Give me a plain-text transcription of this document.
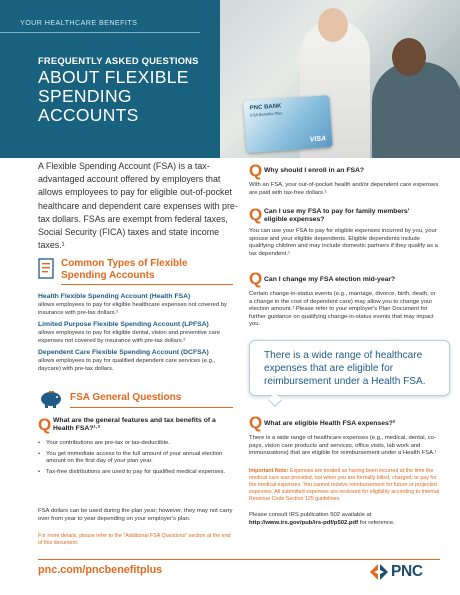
PNC BANK
FSA Benefits Plus
VISA
YOUR HEALTHCARE BENEFITS
FREQUENTLY ASKED QUESTIONS
ABOUT FLEXIBLE SPENDING ACCOUNTS
A Flexible Spending Account (FSA) is a tax-advantaged account offered by employers that allows employees to pay for eligible out-of-pocket healthcare and dependent care expenses with pre-tax dollars. FSAs are exempt from federal taxes, Social Security (FICA) taxes and state income taxes.¹
Common Types of Flexible Spending Accounts
Health Flexible Spending Account (Health FSA)
allows employees to pay for eligible healthcare expenses not covered by insurance with pre-tax dollars.²
Limited Purpose Flexible Spending Account (LPFSA)
allows employees to pay for eligible dental, vision and preventive care expenses not covered by insurance with pre-tax dollars.²
Dependent Care Flexible Spending Account (DCFSA)
allows employees to pay for qualified dependent care services (e.g., daycare) with pre-tax dollars.
FSA General Questions
Q What are the general features and tax benefits of a Health FSA?¹·²
• Your contributions are pre-tax or tax-deductible.
• You get immediate access to the full amount of your annual election amount on the first day of your plan year.
• Tax-free distributions are used to pay for qualified medical expenses.
FSA dollars can be used during the plan year; however, they may not carry over from year to year depending on your employer's plan.
For more details, please refer to the "Additional FSA Questions" section at the end of this document.
Q Why should I enroll in an FSA?
With an FSA, your out-of-pocket health and/or dependent care expenses are paid with tax-free dollars.¹
Q Can I use my FSA to pay for family members' eligible expenses?
You can use your FSA to pay for eligible expenses incurred by you, your spouse and your eligible dependents. Eligible dependents include qualifying children and may include domestic partners if they qualify as a tax dependent.¹
Q Can I change my FSA election mid-year?
Certain change-in-status events (e.g., marriage, divorce, birth, death, or a change in the cost of dependent care) may allow you to change your election amount.¹ Please refer to your employer's Plan Document for further guidance on qualifying change-in-status events that may impact you.
There is a wide range of healthcare expenses that are eligible for reimbursement under a Health FSA.
Q What are eligible Health FSA expenses?²
There is a wide range of healthcare expenses (e.g., medical, dental, co-pays, vision care products and services, office visits, lab work and immunizations) that are eligible for reimbursement under a Health FSA.¹
Important Note: Expenses are treated as having been incurred at the time the medical care was provided, not when you are formally billed, charged, or pay for the medical expenses. You cannot receive reimbursement for future or projected expenses. All submitted expenses are reviewed for eligibility according to Internal Revenue Code Section 125 guidelines.
Please consult IRS publication 502 available at http://www.irs.gov/pub/irs-pdf/p502.pdf for reference.
pnc.com/pncbenefitplus	PNC
